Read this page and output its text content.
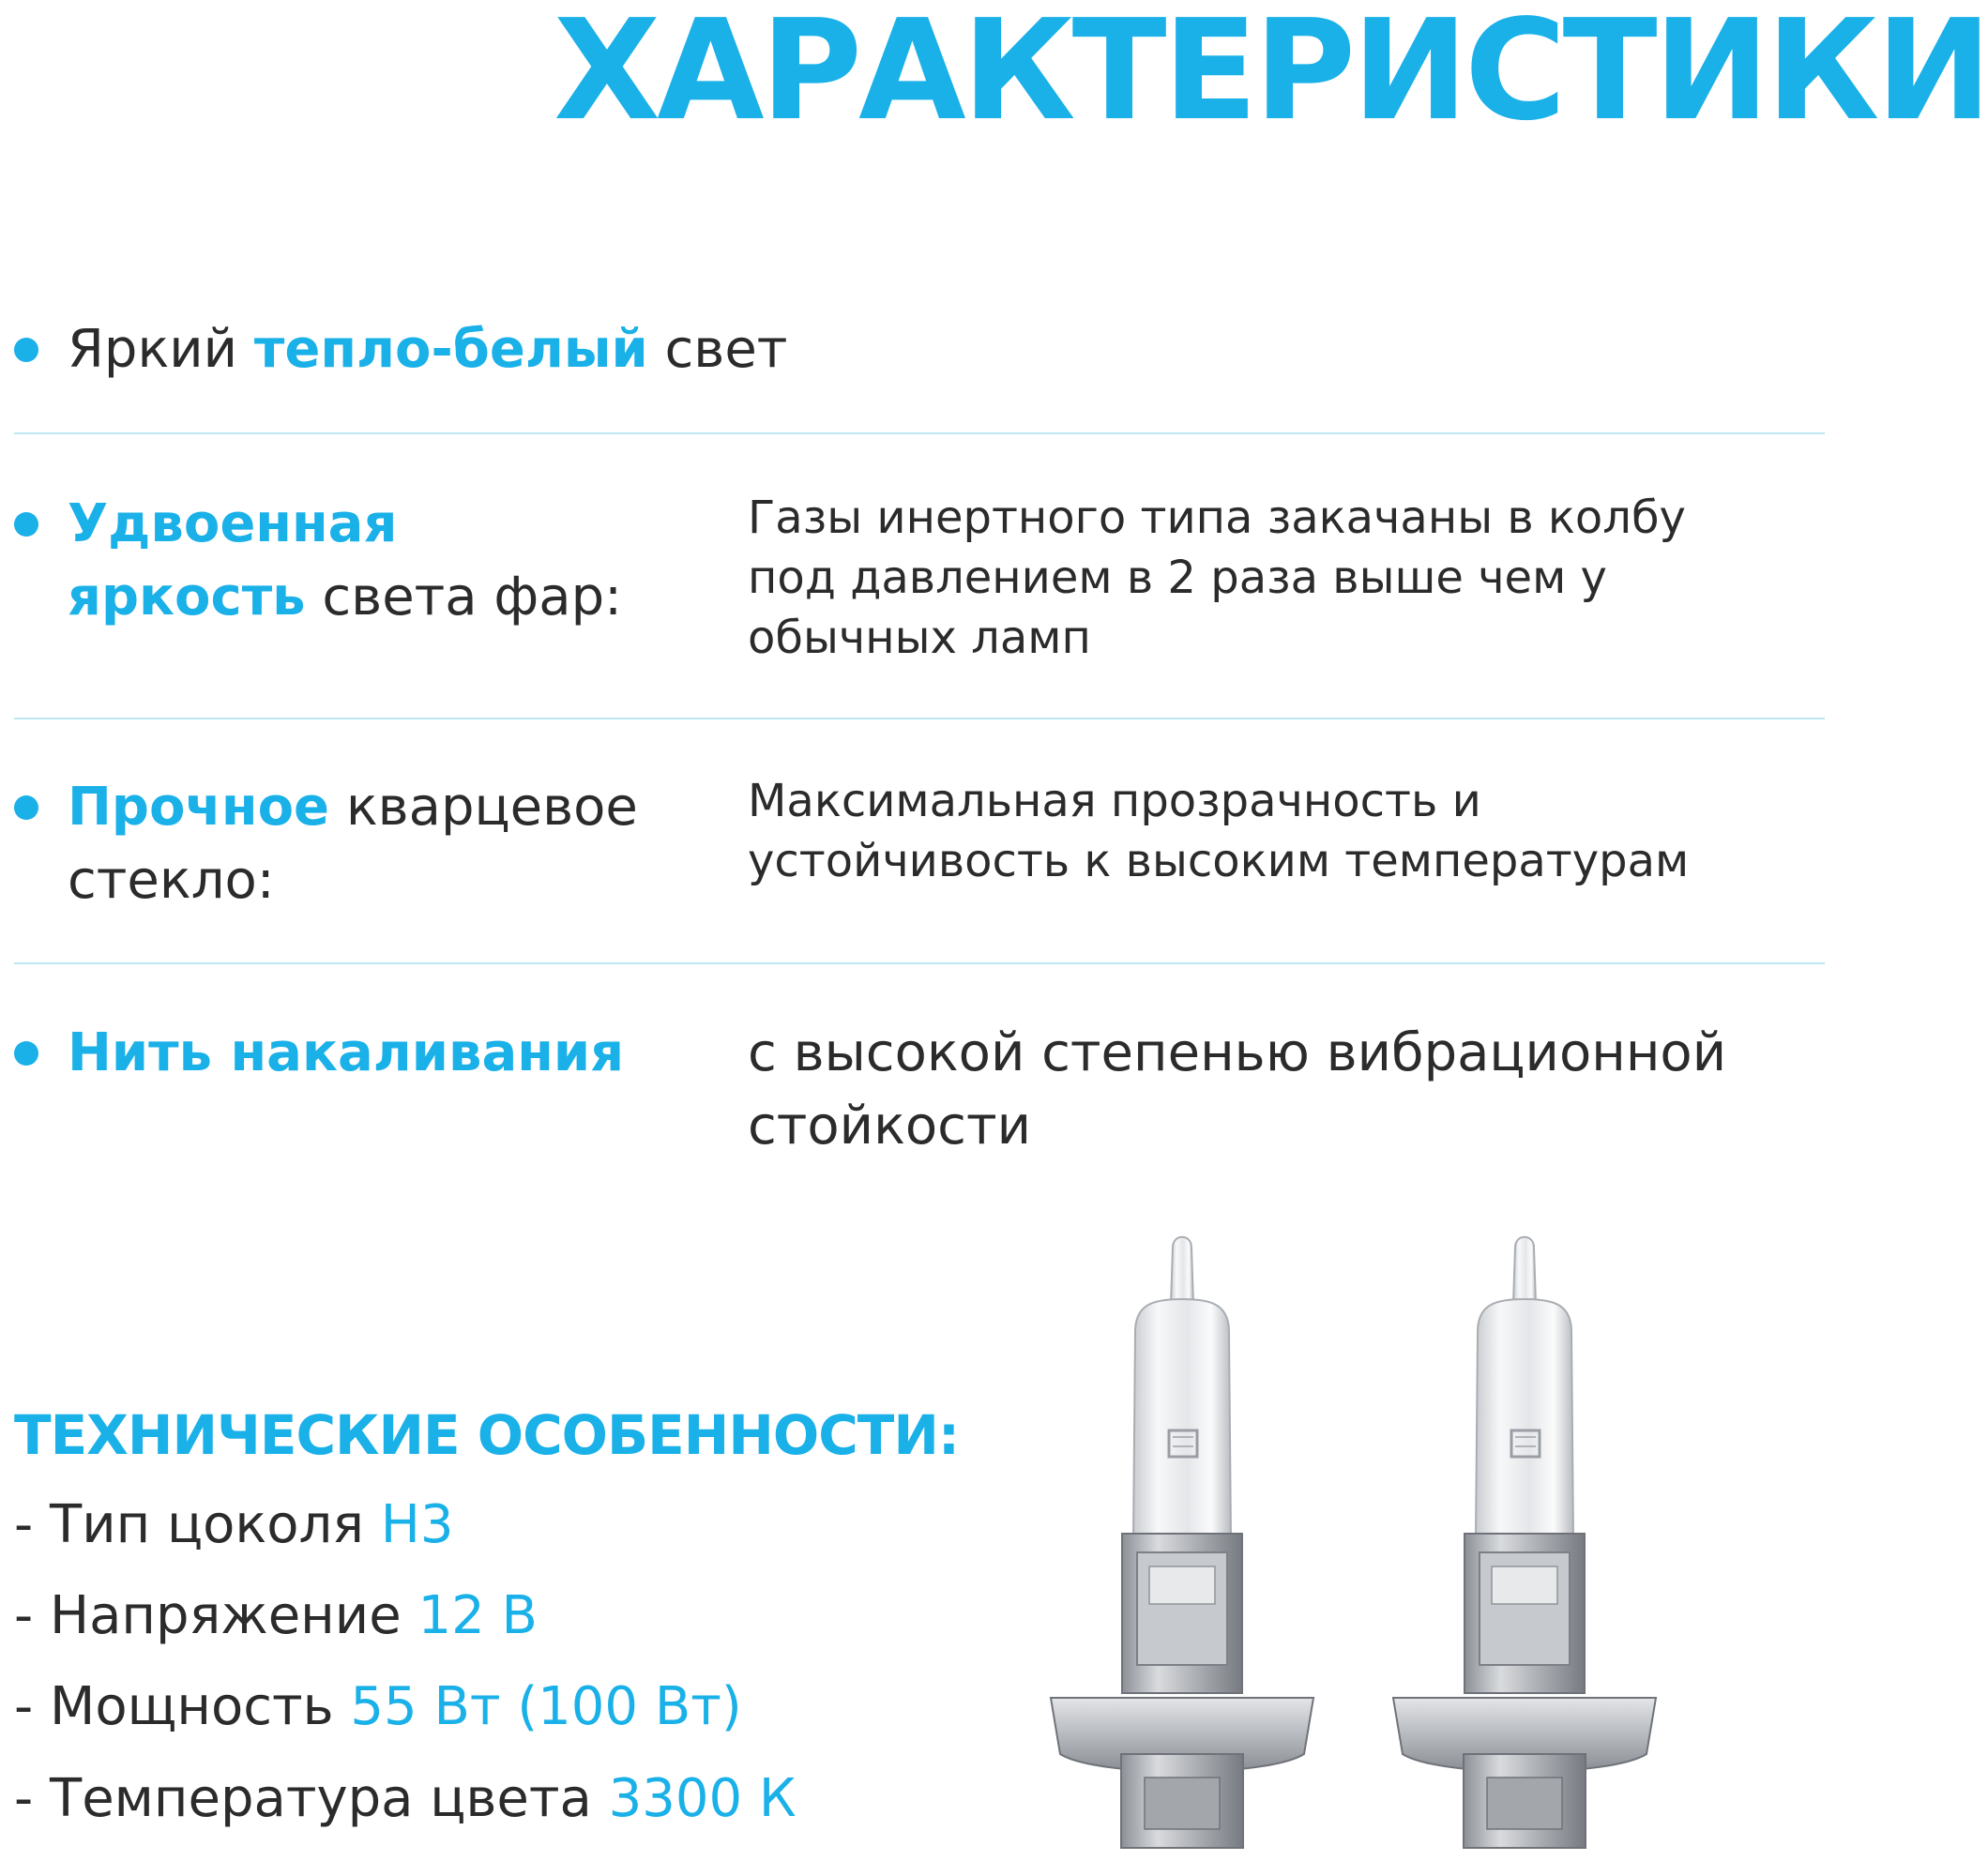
ХАРАКТЕРИСТИКИ
Яркий тепло-белый свет
Удвоенная яркость света фар:
Газы инертного типа закачаны в колбу под давлением в 2 раза выше чем у обычных ламп
Прочное кварцевое стекло:
Максимальная прозрачность и устойчивость к высоким температурам
Нить накаливания	с высокой степенью вибрационной стойкости
ТЕХНИЧЕСКИЕ ОСОБЕННОСТИ:
- Тип цоколя H3
- Напряжение 12 В
- Мощность 55 Вт (100 Вт)
- Температура цвета 3300 К
